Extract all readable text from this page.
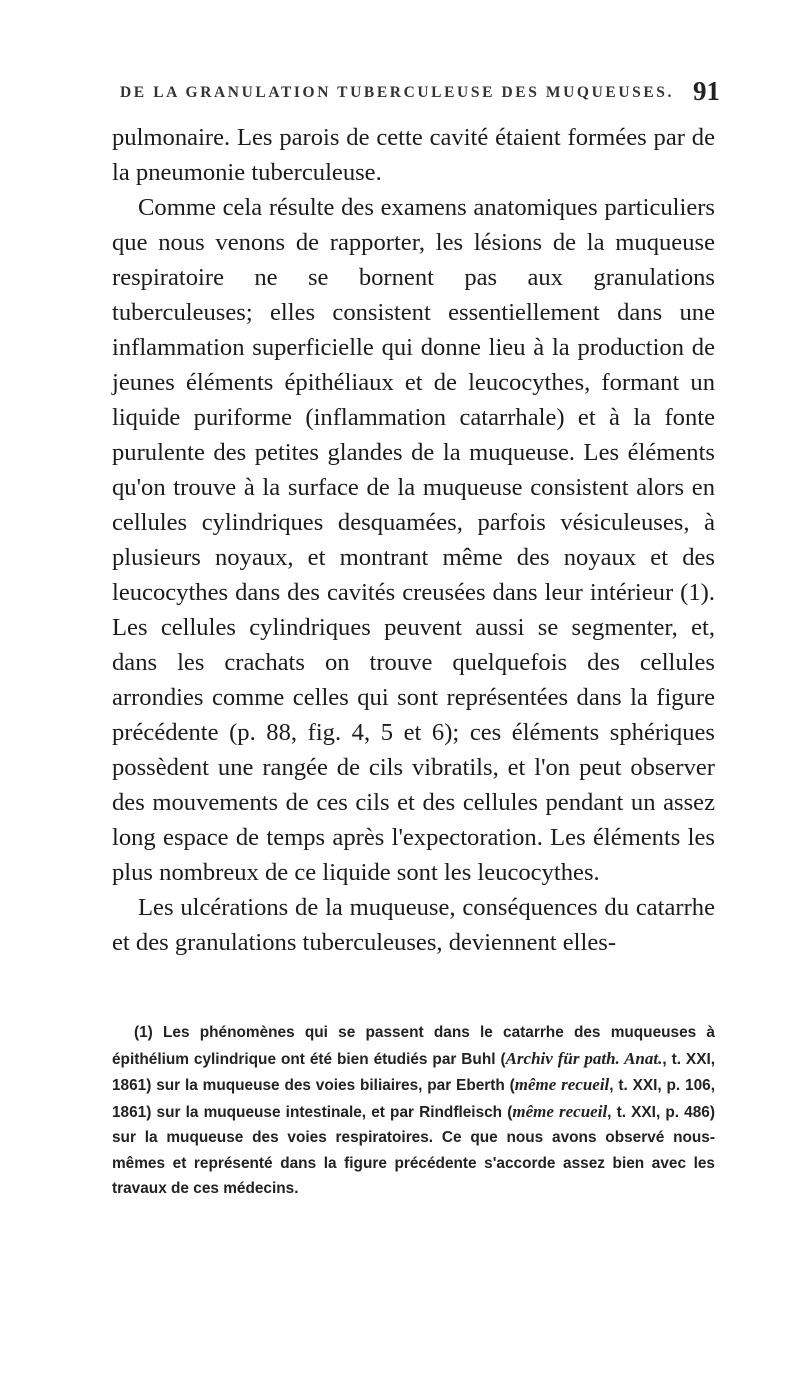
DE LA GRANULATION TUBERCULEUSE DES MUQUEUSES. 91

pulmonaire. Les parois de cette cavité étaient formées par de la pneumonie tuberculeuse.

Comme cela résulte des examens anatomiques particuliers que nous venons de rapporter, les lésions de la muqueuse respiratoire ne se bornent pas aux granulations tuberculeuses; elles consistent essentiellement dans une inflammation superficielle qui donne lieu à la production de jeunes éléments épithéliaux et de leucocythes, formant un liquide puriforme (inflammation catarrhale) et à la fonte purulente des petites glandes de la muqueuse. Les éléments qu'on trouve à la surface de la muqueuse consistent alors en cellules cylindriques desquamées, parfois vésiculeuses, à plusieurs noyaux, et montrant même des noyaux et des leucocythes dans des cavités creusées dans leur intérieur (1). Les cellules cylindriques peuvent aussi se segmenter, et, dans les crachats on trouve quelquefois des cellules arrondies comme celles qui sont représentées dans la figure précédente (p. 88, fig. 4, 5 et 6); ces éléments sphériques possèdent une rangée de cils vibratils, et l'on peut observer des mouvements de ces cils et des cellules pendant un assez long espace de temps après l'expectoration. Les éléments les plus nombreux de ce liquide sont les leucocythes.

Les ulcérations de la muqueuse, conséquences du catarrhe et des granulations tuberculeuses, deviennent elles-

(1) Les phénomènes qui se passent dans le catarrhe des muqueuses à épithélium cylindrique ont été bien étudiés par Buhl (Archiv für path. Anat., t. XXI, 1861) sur la muqueuse des voies biliaires, par Eberth (même recueil, t. XXI, p. 106, 1861) sur la muqueuse intestinale, et par Rindfleisch (même recueil, t. XXI, p. 486) sur la muqueuse des voies respiratoires. Ce que nous avons observé nous-mêmes et représenté dans la figure précédente s'accorde assez bien avec les travaux de ces médecins.
